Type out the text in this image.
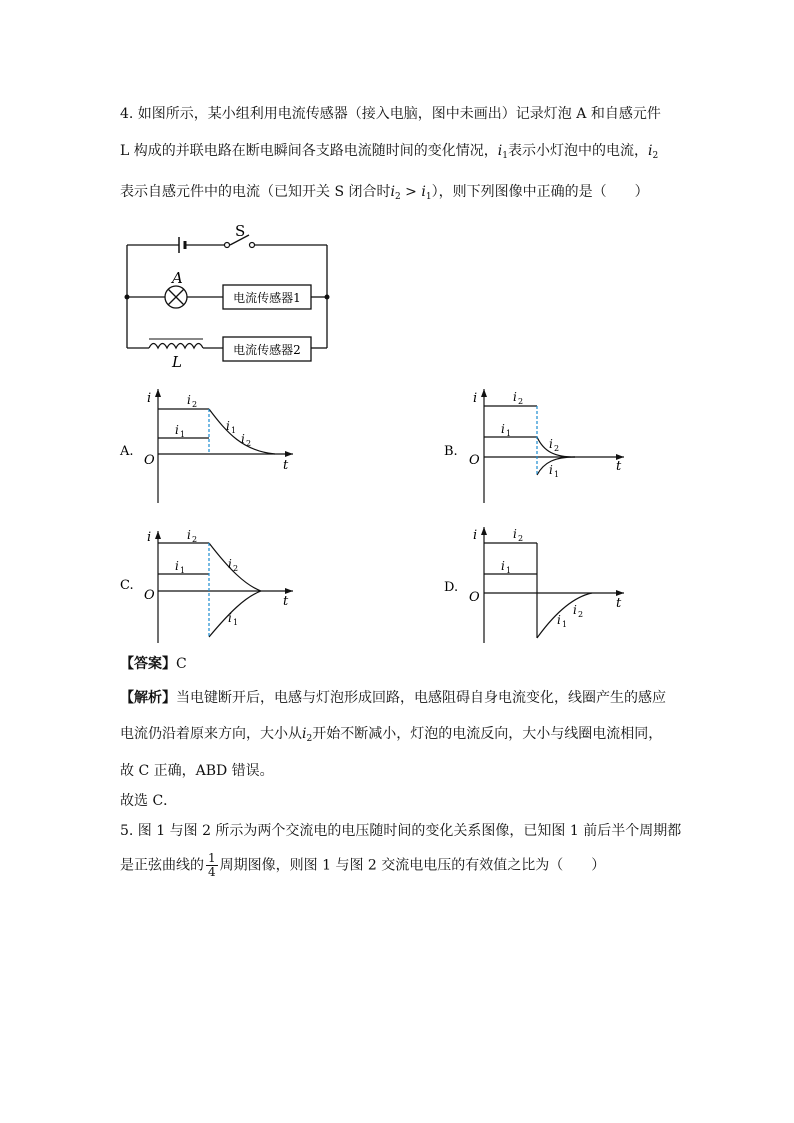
4. 如图所示，某小组利用电流传感器（接入电脑，图中未画出）记录灯泡 A 和自感元件
L 构成的并联电路在断电瞬间各支路电流随时间的变化情况，$i_1$表示小灯泡中的电流，$i_2$
表示自感元件中的电流（已知开关 S 闭合时$i_2 > i_1$），则下列图像中正确的是（　　）
S
A
L
电流传感器1
电流传感器2
i
t
O
A.
i 2
i 1
i 1
i 2
i
t
O
B.
i 2
i 1
i 2
i 1
i
t
O
C.
i 2
i 1	i 2
i 1
i
t
O
D.
i 2
i 1
i 2
i 1
【答案】C
【解析】当电键断开后，电感与灯泡形成回路，电感阻碍自身电流变化，线圈产生的感应
电流仍沿着原来方向，大小从$i_2$开始不断减小，灯泡的电流反向，大小与线圈电流相同，
故 C 正确，ABD 错误。
故选 C．
5. 图 1 与图 2 所示为两个交流电的电压随时间的变化关系图像，已知图 1 前后半个周期都
是正弦曲线的 $\frac{1}{4}$ 周期图像，则图 1 与图 2 交流电电压的有效值之比为（　　）
